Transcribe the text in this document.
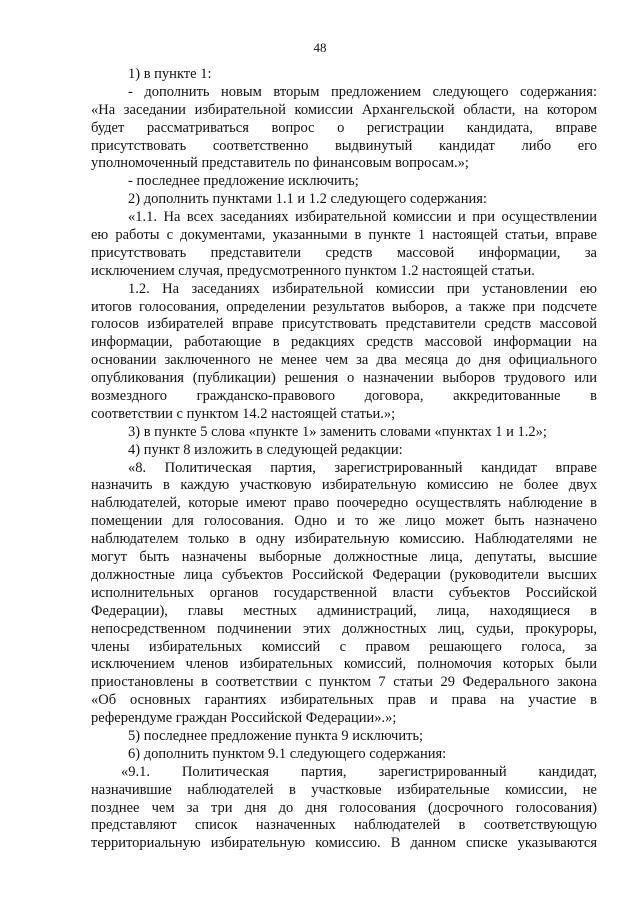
48
1) в пункте 1:
- дополнить новым вторым предложением следующего содержания:
«На заседании избирательной комиссии Архангельской области, на котором
будет рассматриваться вопрос о регистрации кандидата, вправе
присутствовать соответственно выдвинутый кандидат либо его
уполномоченный представитель по финансовым вопросам.»;
- последнее предложение исключить;
2) дополнить пунктами 1.1 и 1.2 следующего содержания:
«1.1. На всех заседаниях избирательной комиссии и при осуществлении
ею работы с документами, указанными в пункте 1 настоящей статьи, вправе
присутствовать представители средств массовой информации, за
исключением случая, предусмотренного пунктом 1.2 настоящей статьи.
1.2. На заседаниях избирательной комиссии при установлении ею
итогов голосования, определении результатов выборов, а также при подсчете
голосов избирателей вправе присутствовать представители средств массовой
информации, работающие в редакциях средств массовой информации на
основании заключенного не менее чем за два месяца до дня официального
опубликования (публикации) решения о назначении выборов трудового или
возмездного гражданско-правового договора, аккредитованные в
соответствии с пунктом 14.2 настоящей статьи.»;
3) в пункте 5 слова «пункте 1» заменить словами «пунктах 1 и 1.2»;
4) пункт 8 изложить в следующей редакции:
«8. Политическая партия, зарегистрированный кандидат вправе
назначить в каждую участковую избирательную комиссию не более двух
наблюдателей, которые имеют право поочередно осуществлять наблюдение в
помещении для голосования. Одно и то же лицо может быть назначено
наблюдателем только в одну избирательную комиссию. Наблюдателями не
могут быть назначены выборные должностные лица, депутаты, высшие
должностные лица субъектов Российской Федерации (руководители высших
исполнительных органов государственной власти субъектов Российской
Федерации), главы местных администраций, лица, находящиеся в
непосредственном подчинении этих должностных лиц, судьи, прокуроры,
члены избирательных комиссий с правом решающего голоса, за
исключением членов избирательных комиссий, полномочия которых были
приостановлены в соответствии с пунктом 7 статьи 29 Федерального закона
«Об основных гарантиях избирательных прав и права на участие в
референдуме граждан Российской Федерации».»;
5) последнее предложение пункта 9 исключить;
6) дополнить пунктом 9.1 следующего содержания:
«9.1. Политическая партия, зарегистрированный кандидат,
назначившие наблюдателей в участковые избирательные комиссии, не
позднее чем за три дня до дня голосования (досрочного голосования)
представляют список назначенных наблюдателей в соответствующую
территориальную избирательную комиссию. В данном списке указываются
